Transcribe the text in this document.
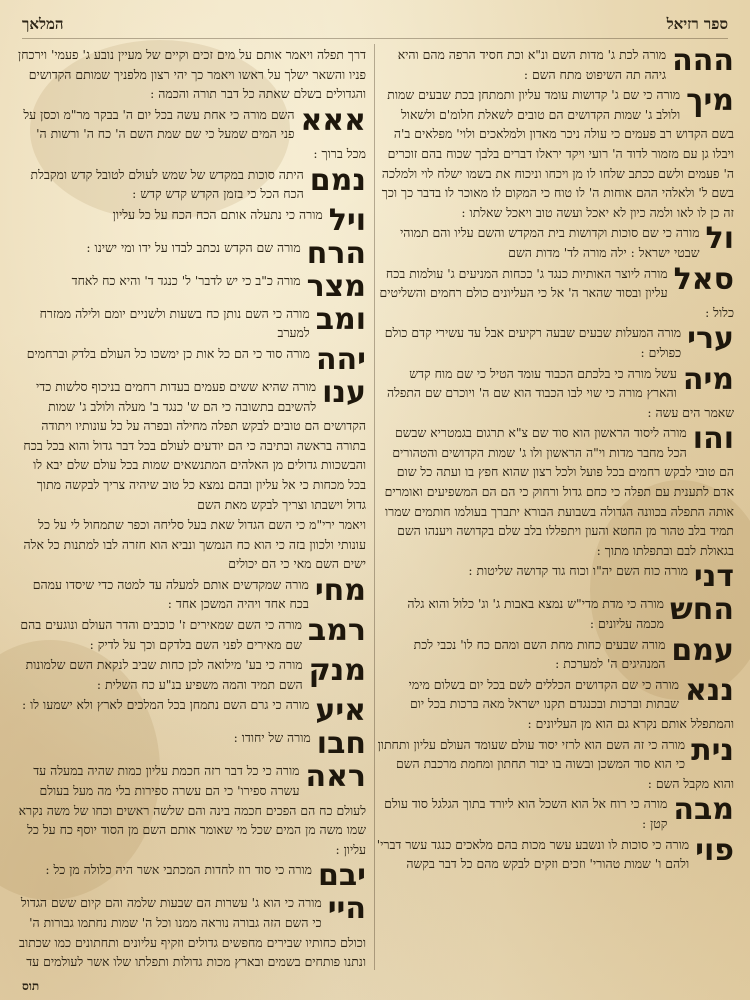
ספר רזיאל
המלאך
ההה
מורה לכת ג' מדות השם ונ"א וכת חסיד הרפה מהם והיא גיהה תה השיפוט מתח השם :
מיך
מורה כי שם ג' קדושות עומד עליון ותמתחן בכת שבעים שמות ולולב ג' שמות הקדושים הם טובים לשאלת חלומ'ם ולשאול בשם הקדוש רב פעמים כי עולה ניכר מאדון ולמלאכים ולוי' מפלאים ב'ה ויבלו גן עם מזמור לדוד ה' רועי ויקד יראלו דברים בלבך שכוח בהם זוכרים ה' פעמים ולשם ככתב שלחו לו מן ויכחו וניכוח את בשמו ישלח לוי ולמלכה בשם ל' ולאלהי ההם אוחות ה' לו טוח כי המקום לו מאוכר לו בדבר כך וכך זה כן לו לאו ולמה כיון לא יאכל ועשה טוב ויאכל שאלתו :
ול
מורה כי שם סוכות וקדושות בית המקדש והשם עליו והם תמוהי שבטי ישראל : ילה מורה לד' מדות השם
סאל
מורה ליוצר האותיות כנגד ג' ככחות המניעים ג' עולמות בכח עליון ובסוד שהאר ה' אל כי העליונים כולם רחמים והשליטים כלול :
ערי
מורה המעלות שבעים שבעה רקיעים אבל עד עשירי קדם כולם כפולים :
מיה
עשל מורה כי בלכתם הכבוד עומד הטיל כי שם מוח קדש והארץ מורה כי שוי לבו הכבוד הוא שם ה' ויוכרם שם התפלה שאמר הים עשה :
והו
מורה ליסוד הראשון הוא סוד שם צ"א תרגום בגמטריא שבשם הכל מחבר מדות וי"ה הראשון ולו ג' שמות הקדושים והטהורים הם טובי לבקש רחמים בכל פועל ולכל רצון שהוא חפץ בו ועתה כל שום אדם לתענית עם תפלה כי כחם גדול ורחוק כי הם הם המשפיעים ואומרים אותה התפלה בכוונה הגדולה בשבועת הבורא יתברך בעולמו חותמים שמרו תמיד בלב טהור מן החטא והעון ויתפללו בלב שלם בקדושה ויענהו השם בגאולת לבם ובתפלתו מתוך :
דני
מורה כוח השם יה"ו וכוח גוד קדושה שליטות :
החש
מורה כי מדת מדי"ש נמצא באבות ג' וג' כלול והוא גלה מכמה עליונים :
עמם
מורה שבעים כחות מחת השם ומהם כח לו' נכבי לכת המנהיגים ה' למערכת :
ננא
מורה כי שם הקדושים הכללים לשם בכל יום בשלום מימי שבתות וברכות ובכנגדם תקנו ישראל מאה ברכות בכל יום והמתפלל אותם נקרא גם הוא מן העליונים :
נית
מורה כי זה השם הוא לרזי יסוד עולם שעומד העולם עליון ותחתון כי הוא סוד המשכן ובשוה בו יבור תחתון ומחמת מרכבת השם והוא מקבל השם :
מבה
מורה כי רוח אל הוא השכל הוא ליורד בתוך הגלגל סוד עולם קטן :
פוי
מורה כי סוכות לו ונשבע עשר מכות בהם מלאכים כנגד עשר דברי' ולהם ו' שמות טהורי' וזכים וזקים לבקש מהם כל דבר בקשה
דרך תפלה ויאמר אותם על מים זכים וקיים של מעיין נובע ג' פעמי' וירכחן פניו והשאר ישלך על ראשו ויאמר כך יהי רצון מלפניך שמותם הקדושים והגדולים בשלם שאתה כל דבר תורה והכמה :
אאא
השם מורה כי אחת עשה בכל יום ה' בבקר מר"מ וכסן על פני המים שמעל כי שם שמת השם ה' כח ה' ורשות ה' מכל ברוך :
נמם
היתה סוכות במקדש של שמש לעולם לטובל קדש ומקבלת הכח הכל כי בזמן הקדש קדש קדש :
ויל
מורה כי נתעלה אותם הכח הכח על כל עליון
הרח
מורה שם הקדש נכתב לבדו על ידו ומי ישינו :
מצר
מורה כ"ב כי יש לדבר' ל' כנגד ד' והיא כח לאחד
ומב
מורה כי השם נותן כח בשעות ולשניים יומם ולילה ממזרח למערב
יהה
מורה סוד כי הם כל אות כן ימשכו כל העולם בלדק וברחמים
ענו
מורה שהיא ששים פעמים בעדות רחמים בניכוף סלשות כדי להשיבם בתשובה כי הם ש' כנגד ב' מעלה ולולב ג' שמות הקדושים הם טובים לבקש תפלה מחילה ובפרה על כל עונותיו ויתודה בתורה בראשה ובתיבה כי הם יודעים לעולם בכל דבר גדול והוא בכל בכח והבשכוות גדולים מן האלהים המתנשאים שמות בכל עולם שלם יבא לו בכל מכחות כי אל עליון ובהם נמצא כל טוב שיהיה צריך לבקשה מתוך גדול וישבתו וצריך לבקש מאת השם
ויאמר ירי"מ כי השם הגדול שאת בעל סליחה וכפר שתמחול לי על כל עונותי ולכוון בזה כי הוא כח הנמשך ונביא הוא חזרה לבו למתנות כל אלה ישים השם מאי כי הם יכולים
מחי
מורה שמקדשים אותם למעלה עד למטה כדי שיסדו עמהם בכח אחד ויהיה המשכן אחד :
רמב
מורה כי השם שמאירים ז' כוכבים והדר העולם ונוגעים בהם שם מאירים לפני השם בלדקם וכך על לדיק :
מנק
מורה כי בע' מילואה לכן כחות שביב לנקאת השם שלמונות השם תמיד והמה משפיע בנ"ע כח השלית :
איע
מורה כי גרם השם נתמחן בכל המלכים לארץ ולא ישמעו לו :
חבו
מורה של יחודו :
ראה
מורה כי כל דבר רזה חכמת עליון כמות שהיה במעלה עד עשרה ספירו' כי הם עשרה ספירות בלי מה מעל בעולם לעולם כח הם הפכים חכמה בינה והם שלשה ראשים וכחו של משה נקרא שמו משה מן המים שכל מי שאומר אותם השם מן הסוד יוסף כח על כל עליון :
יבם
מורה כי סוד רוז לחדות המכתבי אשר היה כלולה מן כל :
היי
מורה כי הוא ג' עשרות הם שבעות שלמה והם קיום ששם הגדול כי השם הזה גבורה נוראה ממנו וכל ה' שמות נחתמו גבורות ה' וכולם כחותיו שבירים מחפשים גדולים וזקיף עליונים ותחתונים כמו שכתוב ונתנו פותחים בשמים ובארץ מכות גדולות ותפלתו שלו אשר לעולמים עד
תוס
